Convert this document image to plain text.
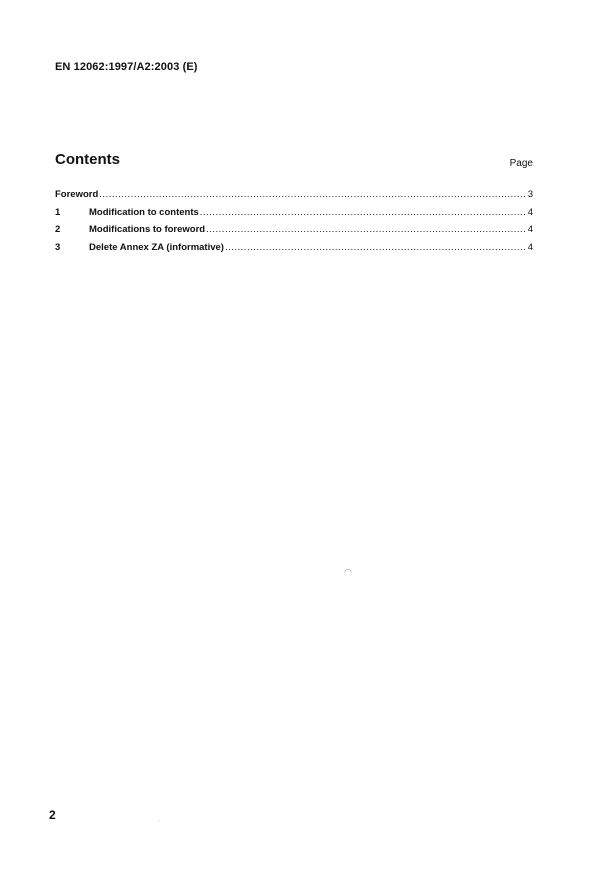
EN 12062:1997/A2:2003 (E)
Contents	Page
Foreword .....	3
1	Modification to contents .....	4
2	Modifications to foreword .....	4
3	Delete Annex ZA (informative) .....	4
◠
·
2
